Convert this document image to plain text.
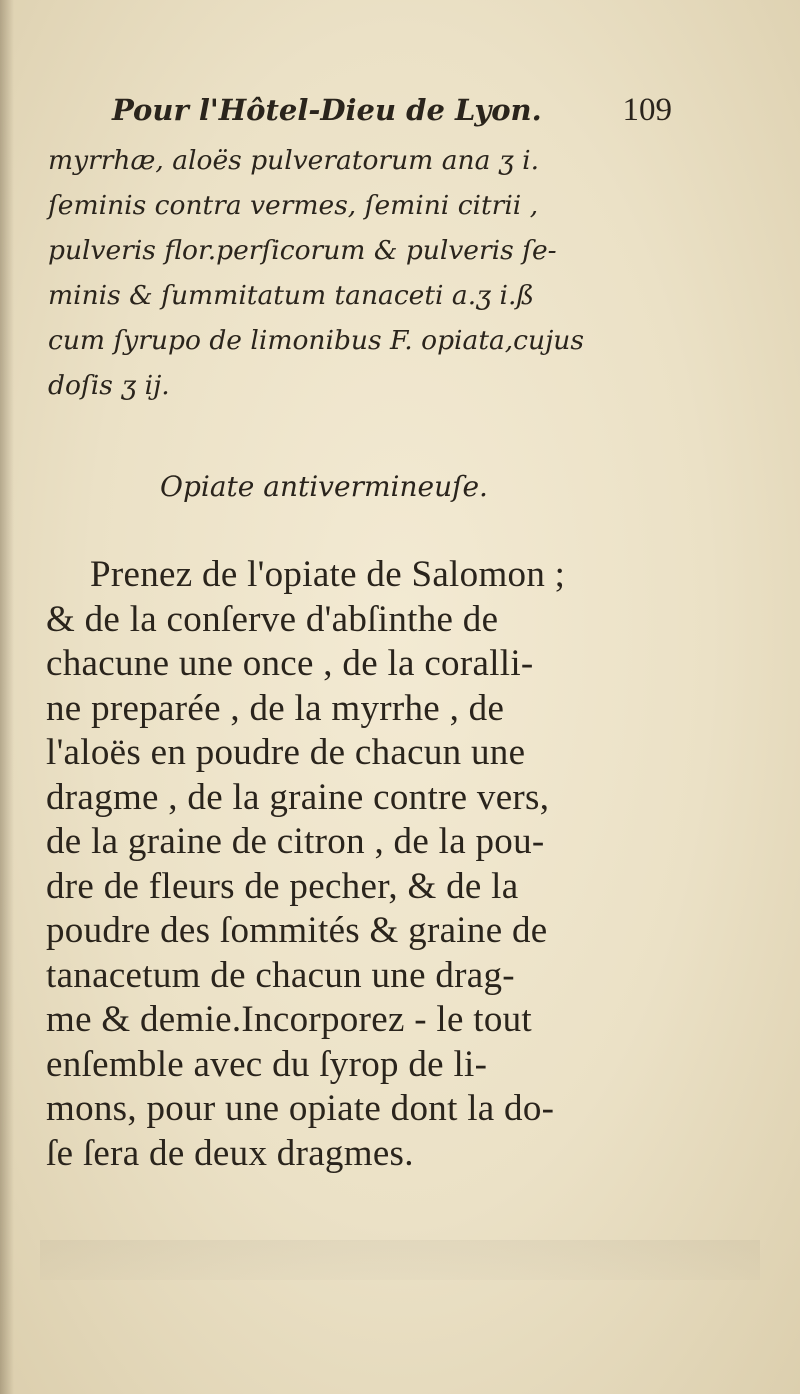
Pour l'Hôtel-Dieu de Lyon. 109
myrrhæ, aloës pulveratorum ana ʒ i.
ſeminis contra vermes, ſemini citrii ,
pulveris flor.perſicorum & pulveris ſe-
minis & ſummitatum tanaceti a.ʒ i.ß
cum ſyrupo de limonibus F. opiata,cujus
doſis ʒ ij.
Opiate antivermineuſe.
Prenez de l'opiate de Salomon ;
& de la conſerve d'abſinthe de
chacune une once , de la coralli-
ne preparée , de la myrrhe , de
l'aloës en poudre de chacun une
dragme , de la graine contre vers,
de la graine de citron , de la pou-
dre de fleurs de pecher, & de la
poudre des ſommités & graine de
tanacetum de chacun une drag-
me & demie.Incorporez - le tout
enſemble avec du ſyrop de li-
mons, pour une opiate dont la do-
ſe ſera de deux dragmes.
